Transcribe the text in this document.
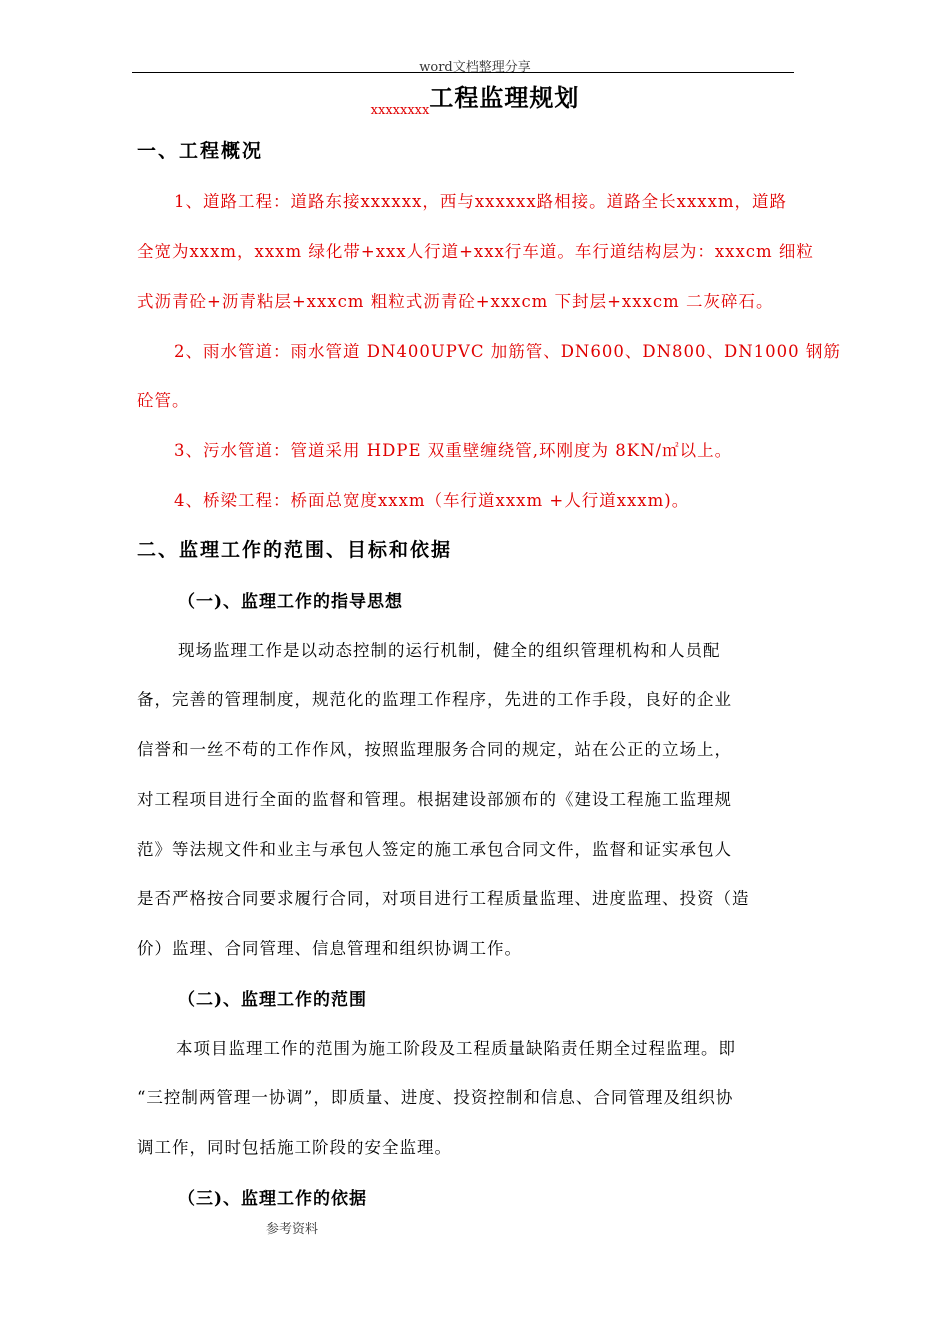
word文档整理分享
$_{xxxxxxxx}$工程监理规划
一、工程概况
1、道路工程：道路东接xxxxxx，西与xxxxxx路相接。道路全长xxxxm，道路
全宽为xxxm，xxxm 绿化带+xxx人行道+xxx行车道。车行道结构层为：xxxcm 细粒
式沥青砼+沥青粘层+xxxcm 粗粒式沥青砼+xxxcm 下封层+xxxcm 二灰碎石。
2、雨水管道：雨水管道 DN400UPVC 加筋管、DN600、DN800、DN1000 钢筋
砼管。
3、污水管道：管道采用 HDPE 双重壁缠绕管,环刚度为 8KN/㎡以上。
4、桥梁工程：桥面总宽度xxxm（车行道xxxm +人行道xxxm)。
二、监理工作的范围、目标和依据
（一)、监理工作的指导思想
现场监理工作是以动态控制的运行机制，健全的组织管理机构和人员配
备，完善的管理制度，规范化的监理工作程序，先进的工作手段，良好的企业
信誉和一丝不苟的工作作风，按照监理服务合同的规定，站在公正的立场上，
对工程项目进行全面的监督和管理。根据建设部颁布的《建设工程施工监理规
范》等法规文件和业主与承包人签定的施工承包合同文件，监督和证实承包人
是否严格按合同要求履行合同，对项目进行工程质量监理、进度监理、投资（造
价）监理、合同管理、信息管理和组织协调工作。
（二)、监理工作的范围
本项目监理工作的范围为施工阶段及工程质量缺陷责任期全过程监理。即
“三控制两管理一协调”，即质量、进度、投资控制和信息、合同管理及组织协
调工作，同时包括施工阶段的安全监理。
（三)、监理工作的依据
参考资料
